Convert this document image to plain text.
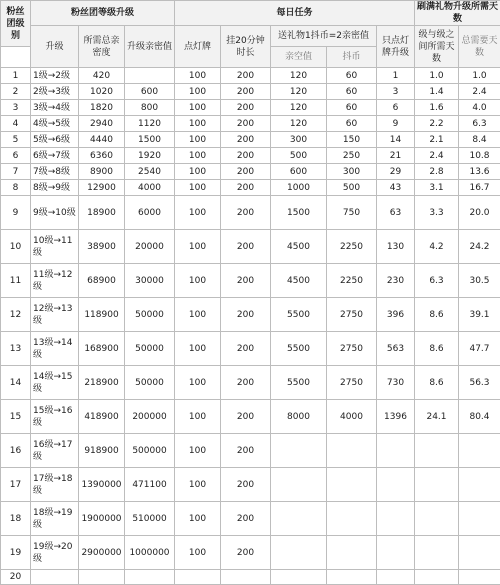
粉丝团级别	粉丝团等级升级			每日任务					刷满礼物升级所需天数	
	升级	所需总亲密度	升级亲密值	点灯牌	挂20分钟时长	送礼物1抖币=2亲密值		只点灯牌升级	级与级之间所需天数	总需要天数
						亲空值	抖币			
1	1级→2级	420		100	200	120	60	1	1.0	1.0
2	2级→3级	1020	600	100	200	120	60	3	1.4	2.4
3	3级→4级	1820	800	100	200	120	60	6	1.6	4.0
4	4级→5级	2940	1120	100	200	120	60	9	2.2	6.3
5	5级→6级	4440	1500	100	200	300	150	14	2.1	8.4
6	6级→7级	6360	1920	100	200	500	250	21	2.4	10.8
7	7级→8级	8900	2540	100	200	600	300	29	2.8	13.6
8	8级→9级	12900	4000	100	200	1000	500	43	3.1	16.7
9	9级→10级	18900	6000	100	200	1500	750	63	3.3	20.0
10	10级→11级	38900	20000	100	200	4500	2250	130	4.2	24.2
11	11级→12级	68900	30000	100	200	4500	2250	230	6.3	30.5
12	12级→13级	118900	50000	100	200	5500	2750	396	8.6	39.1
13	13级→14级	168900	50000	100	200	5500	2750	563	8.6	47.7
14	14级→15级	218900	50000	100	200	5500	2750	730	8.6	56.3
15	15级→16级	418900	200000	100	200	8000	4000	1396	24.1	80.4
16	16级→17级	918900	500000	100	200					
17	17级→18级	1390000	471100	100	200					
18	18级→19级	1900000	510000	100	200					
19	19级→20级	2900000	1000000	100	200					
20										
